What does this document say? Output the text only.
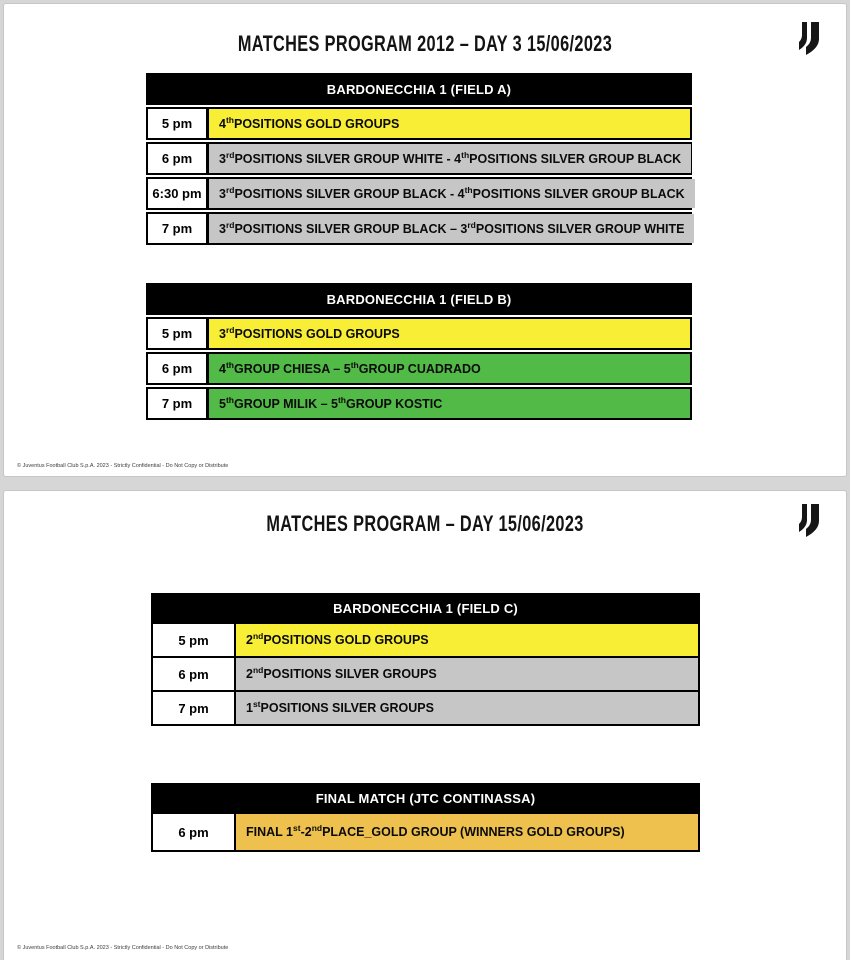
MATCHES PROGRAM 2012 – DAY 3 15/06/2023
BARDONECCHIA 1 (FIELD A)
5 pm	4th POSITIONS GOLD GROUPS
6 pm	3rd POSITIONS SILVER GROUP WHITE - 4th POSITIONS SILVER GROUP BLACK
6:30 pm	3rd POSITIONS SILVER GROUP BLACK - 4th POSITIONS SILVER GROUP BLACK
7 pm	3rd POSITIONS SILVER GROUP BLACK – 3rd POSITIONS SILVER GROUP WHITE
BARDONECCHIA 1 (FIELD B)
5 pm	3rd POSITIONS GOLD GROUPS
6 pm	4th GROUP CHIESA – 5th GROUP CUADRADO
7 pm	5th GROUP MILIK – 5th GROUP KOSTIC
© Juventus Football Club S.p.A. 2023 - Strictly Confidential - Do Not Copy or Distribute
MATCHES PROGRAM – DAY 15/06/2023
BARDONECCHIA 1 (FIELD C)
5 pm	2nd POSITIONS GOLD GROUPS
6 pm	2nd POSITIONS SILVER GROUPS
7 pm	1st POSITIONS SILVER GROUPS
FINAL MATCH (JTC CONTINASSA)
6 pm	FINAL 1st -2nd PLACE_GOLD GROUP (WINNERS GOLD GROUPS)
© Juventus Football Club S.p.A. 2023 - Strictly Confidential - Do Not Copy or Distribute
